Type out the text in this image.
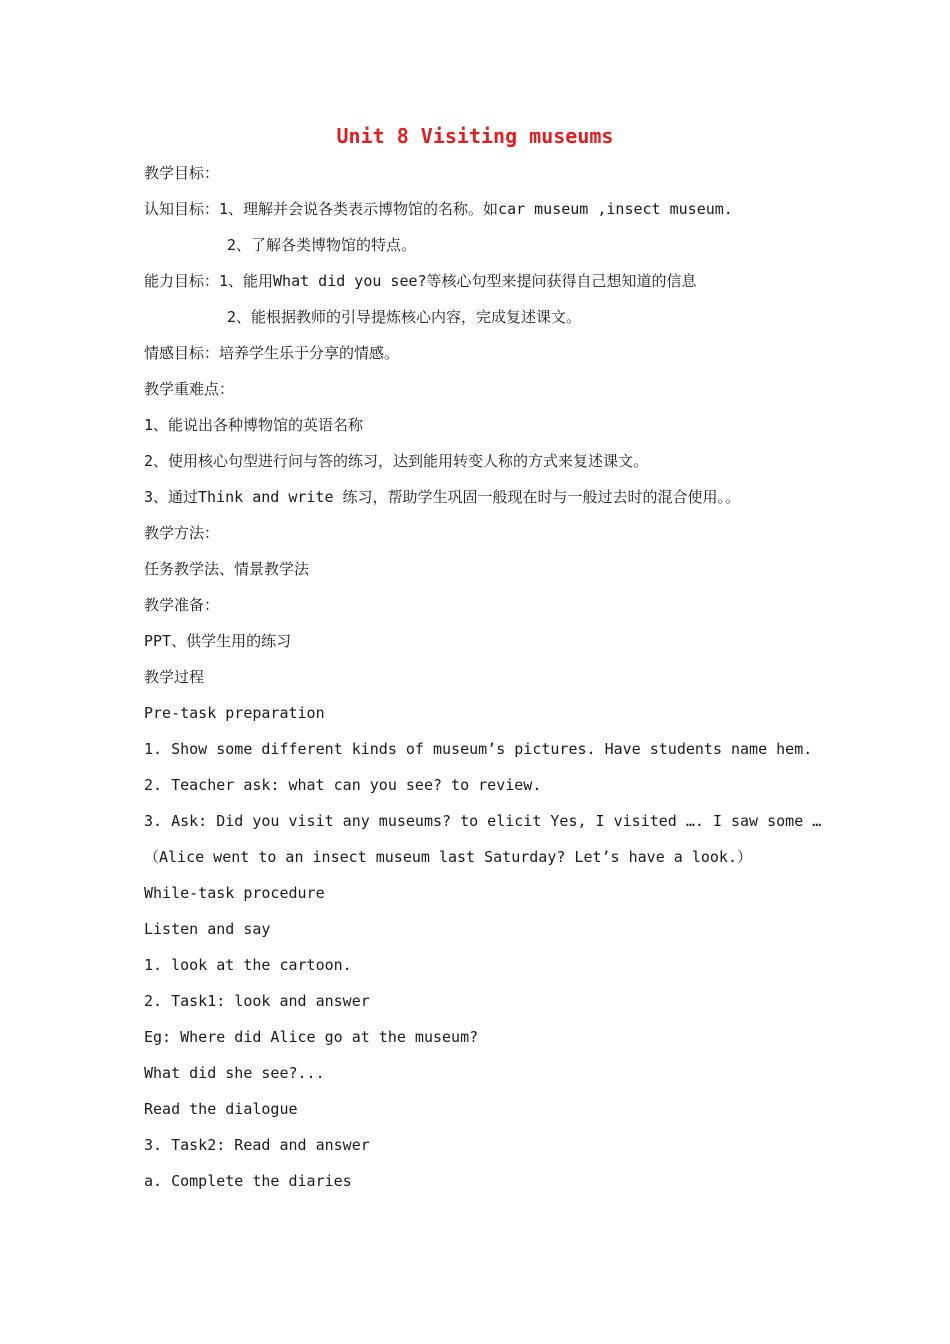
Unit 8 Visiting museums
教学目标：
认知目标：1、理解并会说各类表示博物馆的名称。如car museum ,insect museum.
2、了解各类博物馆的特点。
能力目标：1、能用What did you see?等核心句型来提问获得自己想知道的信息
2、能根据教师的引导提炼核心内容，完成复述课文。
情感目标：培养学生乐于分享的情感。
教学重难点：
1、能说出各种博物馆的英语名称
2、使用核心句型进行问与答的练习，达到能用转变人称的方式来复述课文。
3、通过Think and write 练习，帮助学生巩固一般现在时与一般过去时的混合使用。。
教学方法：
任务教学法、情景教学法
教学准备：
PPT、供学生用的练习
教学过程
Pre-task preparation
1. Show some different kinds of museum’s pictures. Have students name hem.
2. Teacher ask: what can you see? to review.
3. Ask: Did you visit any museums? to elicit Yes, I visited …. I saw some …
（Alice went to an insect museum last Saturday? Let’s have a look.）
While-task procedure
Listen and say
1. look at the cartoon.
2. Task1: look and answer
Eg: Where did Alice go at the museum?
What did she see?...
Read the dialogue
3. Task2: Read and answer
a. Complete the diaries
